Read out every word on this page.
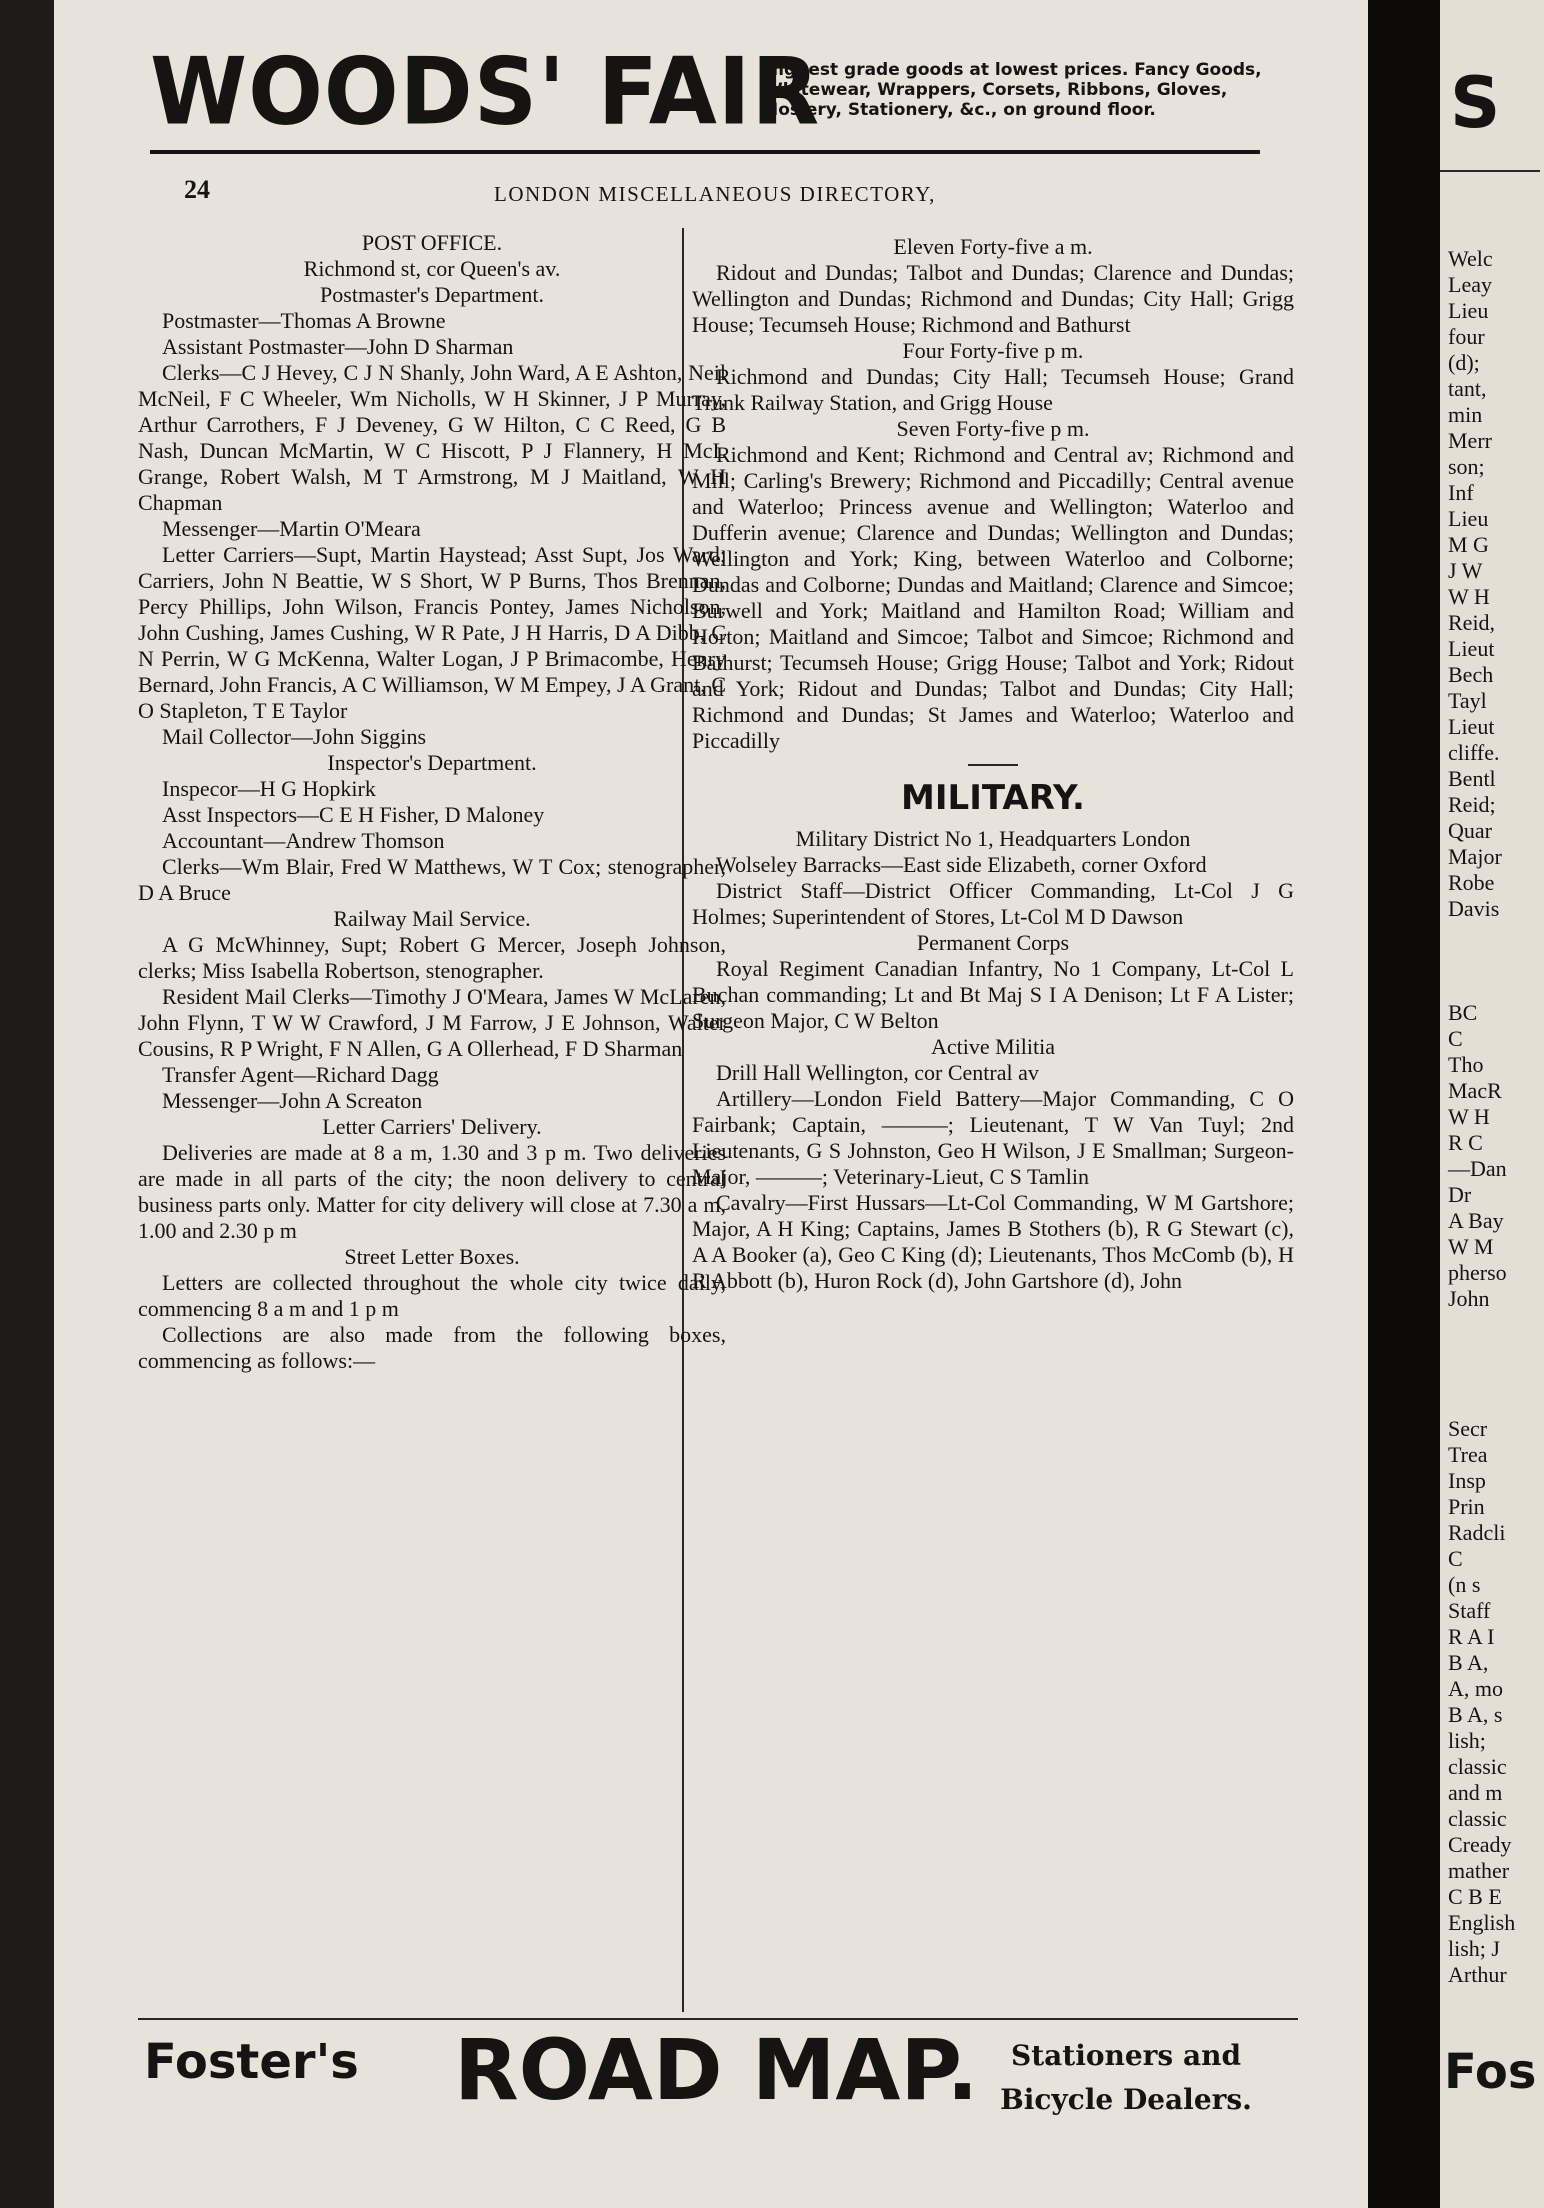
WOODS' FAIR
Highest grade goods at lowest prices. Fancy Goods, Whitewear, Wrappers, Corsets, Ribbons, Gloves, Hosiery, Stationery, &c., on ground floor.
24	LONDON MISCELLANEOUS DIRECTORY,

POST OFFICE.

Richmond st, cor Queen's av.

Postmaster's Department.

Postmaster—Thomas A Browne

Assistant Postmaster—John D Sharman

Clerks—C J Hevey, C J N Shanly, John Ward, A E Ashton, Neil McNeil, F C Wheeler, Wm Nicholls, W H Skinner, J P Murray, Arthur Carrothers, F J Deveney, G W Hilton, C C Reed, G B Nash, Duncan McMartin, W C Hiscott, P J Flannery, H McL Grange, Robert Walsh, M T Armstrong, M J Maitland, W H Chapman

Messenger—Martin O'Meara

Letter Carriers—Supt, Martin Haystead; Asst Supt, Jos Ward; Carriers, John N Beattie, W S Short, W P Burns, Thos Brennan, Percy Phillips, John Wilson, Francis Pontey, James Nicholson, John Cushing, James Cushing, W R Pate, J H Harris, D A Dibb, C N Perrin, W G McKenna, Walter Logan, J P Brimacombe, Henry Bernard, John Francis, A C Williamson, W M Empey, J A Grant, C O Stapleton, T E Taylor

Mail Collector—John Siggins

Inspector's Department.

Inspecor—H G Hopkirk

Asst Inspectors—C E H Fisher, D Maloney

Accountant—Andrew Thomson

Clerks—Wm Blair, Fred W Matthews, W T Cox; stenographer, D A Bruce

Railway Mail Service.

A G McWhinney, Supt; Robert G Mercer, Joseph Johnson, clerks; Miss Isabella Robertson, stenographer.

Resident Mail Clerks—Timothy J O'Meara, James W McLaren, John Flynn, T W W Crawford, J M Farrow, J E Johnson, Walter Cousins, R P Wright, F N Allen, G A Ollerhead, F D Sharman

Transfer Agent—Richard Dagg

Messenger—John A Screaton

Letter Carriers' Delivery.

Deliveries are made at 8 a m, 1.30 and 3 p m. Two deliveries are made in all parts of the city; the noon delivery to central business parts only. Matter for city delivery will close at 7.30 a m, 1.00 and 2.30 p m

Street Letter Boxes.

Letters are collected throughout the whole city twice daily, commencing 8 a m and 1 p m

Collections are also made from the following boxes, commencing as follows:—

Eleven Forty-five a m.

Ridout and Dundas; Talbot and Dundas; Clarence and Dundas; Wellington and Dundas; Richmond and Dundas; City Hall; Grigg House; Tecumseh House; Richmond and Bathurst

Four Forty-five p m.

Richmond and Dundas; City Hall; Tecumseh House; Grand Trunk Railway Station, and Grigg House

Seven Forty-five p m.

Richmond and Kent; Richmond and Central av; Richmond and Mill; Carling's Brewery; Richmond and Piccadilly; Central avenue and Waterloo; Princess avenue and Wellington; Waterloo and Dufferin avenue; Clarence and Dundas; Wellington and Dundas; Wellington and York; King, between Waterloo and Colborne; Dundas and Colborne; Dundas and Maitland; Clarence and Simcoe; Burwell and York; Maitland and Hamilton Road; William and Horton; Maitland and Simcoe; Talbot and Simcoe; Richmond and Bathurst; Tecumseh House; Grigg House; Talbot and York; Ridout and York; Ridout and Dundas; Talbot and Dundas; City Hall; Richmond and Dundas; St James and Waterloo; Waterloo and Piccadilly

MILITARY.

Military District No 1, Headquarters London

Wolseley Barracks—East side Elizabeth, corner Oxford

District Staff—District Officer Commanding, Lt-Col J G Holmes; Superintendent of Stores, Lt-Col M D Dawson

Permanent Corps

Royal Regiment Canadian Infantry, No 1 Company, Lt-Col L Buchan commanding; Lt and Bt Maj S I A Denison; Lt F A Lister; Surgeon Major, C W Belton

Active Militia

Drill Hall Wellington, cor Central av

Artillery—London Field Battery—Major Commanding, C O Fairbank; Captain, ———; Lieutenant, T W Van Tuyl; 2nd Lieutenants, G S Johnston, Geo H Wilson, J E Smallman; Surgeon-Major, ———; Veterinary-Lieut, C S Tamlin

Cavalry—First Hussars—Lt-Col Commanding, W M Gartshore; Major, A H King; Captains, James B Stothers (b), R G Stewart (c), A A Booker (a), Geo C King (d); Lieutenants, Thos McComb (b), H R Abbott (b), Huron Rock (d), John Gartshore (d), John

Foster's ROAD MAP.	Stationers and
Bicycle Dealers.
S
Welc
Leay
Lieu
four
(d);
tant,
min
Merr
son;
Inf
Lieu
M G
J W
W H
Reid,
Lieut
Bech
Tayl
Lieut
cliffe.
Bentl
Reid;
Quar
Major
Robe
Davis
BC
C
Tho
MacR
W H
R C
—Dan
Dr
A Bay
W M
pherso
John
Secr
Trea
Insp
Prin
Radcli
C
(n s
Staff
R A I
B A,
A, mo
B A, s
lish;
classic
and m
classic
Cready
mather
C B E
English
lish; J
Arthur
Fos
